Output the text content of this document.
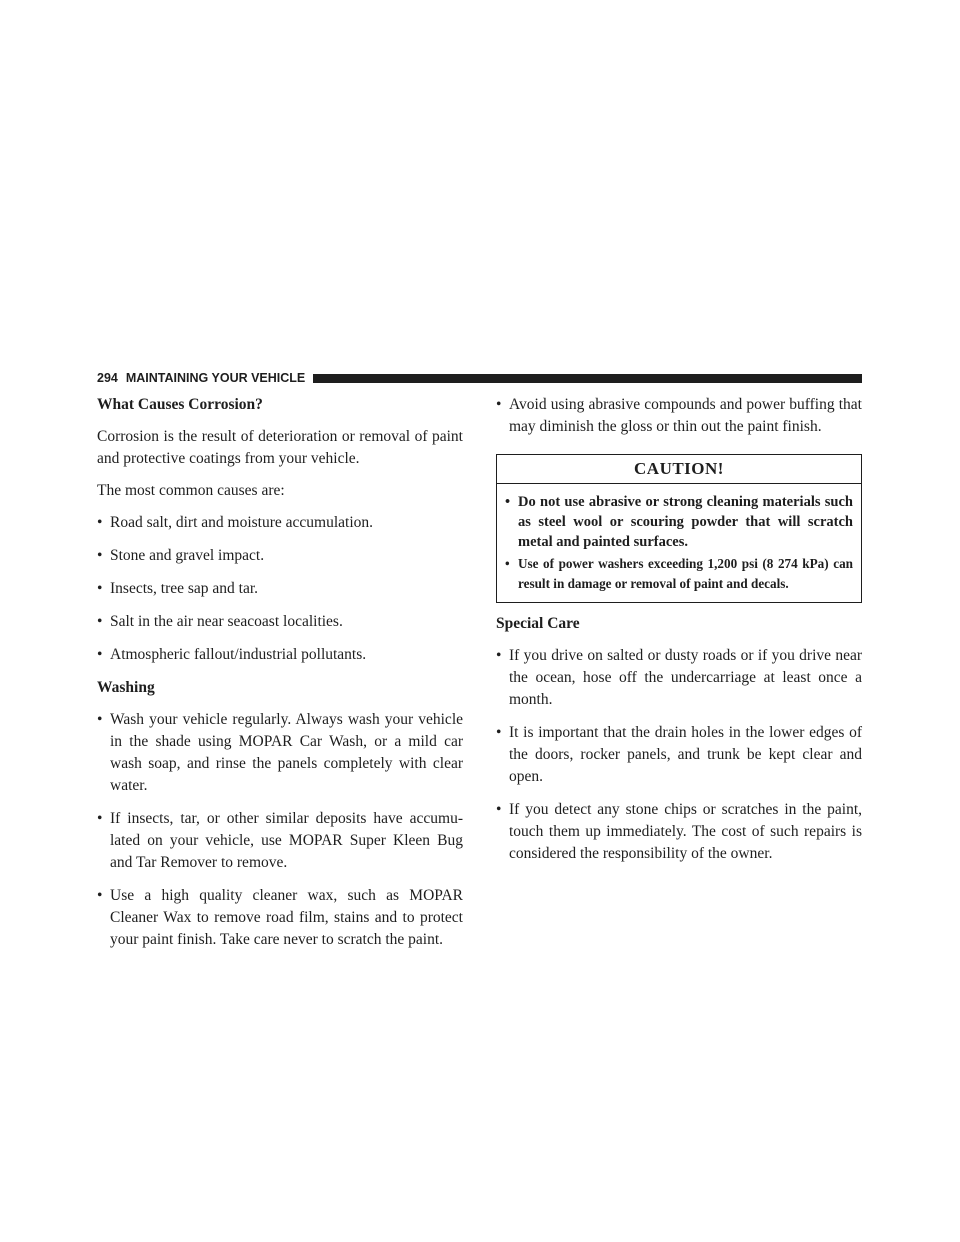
294 MAINTAINING YOUR VEHICLE
What Causes Corrosion?

Corrosion is the result of deterioration or removal of paint and protective coatings from your vehicle.

The most common causes are:

• Road salt, dirt and moisture accumulation.
• Stone and gravel impact.
• Insects, tree sap and tar.
• Salt in the air near seacoast localities.
• Atmospheric fallout/industrial pollutants.
Washing
• Wash your vehicle regularly. Always wash your vehicle in the shade using MOPAR Car Wash, or a mild car wash soap, and rinse the panels completely with clear water.
• If insects, tar, or other similar deposits have accumu-lated on your vehicle, use MOPAR Super Kleen Bug and Tar Remover to remove.
• Use a high quality cleaner wax, such as MOPAR Cleaner Wax to remove road film, stains and to protect your paint finish. Take care never to scratch the paint.
• Avoid using abrasive compounds and power buffing that may diminish the gloss or thin out the paint finish.
CAUTION!
• Do not use abrasive or strong cleaning materials such as steel wool or scouring powder that will scratch metal and painted surfaces.
• Use of power washers exceeding 1,200 psi (8 274 kPa) can result in damage or removal of paint and decals.
Special Care
• If you drive on salted or dusty roads or if you drive near the ocean, hose off the undercarriage at least once a month.
• It is important that the drain holes in the lower edges of the doors, rocker panels, and trunk be kept clear and open.
• If you detect any stone chips or scratches in the paint, touch them up immediately. The cost of such repairs is considered the responsibility of the owner.
